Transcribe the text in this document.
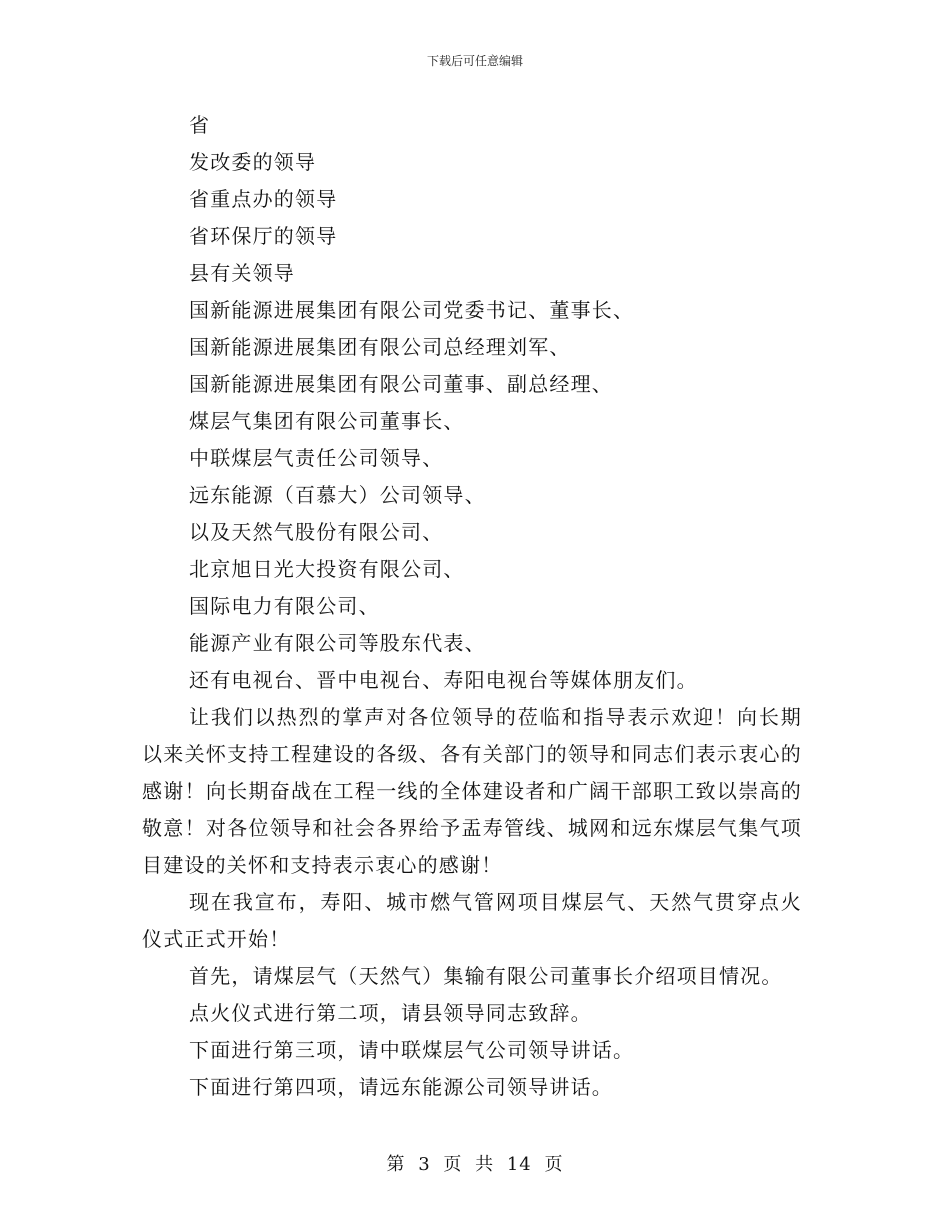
下载后可任意编辑
省
发改委的领导
省重点办的领导
省环保厅的领导
县有关领导
国新能源进展集团有限公司党委书记、董事长、
国新能源进展集团有限公司总经理刘军、
国新能源进展集团有限公司董事、副总经理、
煤层气集团有限公司董事长、
中联煤层气责任公司领导、
远东能源（百慕大）公司领导、
以及天然气股份有限公司、
北京旭日光大投资有限公司、
国际电力有限公司、
能源产业有限公司等股东代表、
还有电视台、晋中电视台、寿阳电视台等媒体朋友们。

让我们以热烈的掌声对各位领导的莅临和指导表示欢迎！向长期以来关怀支持工程建设的各级、各有关部门的领导和同志们表示衷心的感谢！向长期奋战在工程一线的全体建设者和广阔干部职工致以崇高的敬意！对各位领导和社会各界给予盂寿管线、城网和远东煤层气集气项目建设的关怀和支持表示衷心的感谢！

现在我宣布，寿阳、城市燃气管网项目煤层气、天然气贯穿点火仪式正式开始！

首先，请煤层气（天然气）集输有限公司董事长介绍项目情况。
点火仪式进行第二项，请县领导同志致辞。
下面进行第三项，请中联煤层气公司领导讲话。
下面进行第四项，请远东能源公司领导讲话。
第 3 页 共 14 页
